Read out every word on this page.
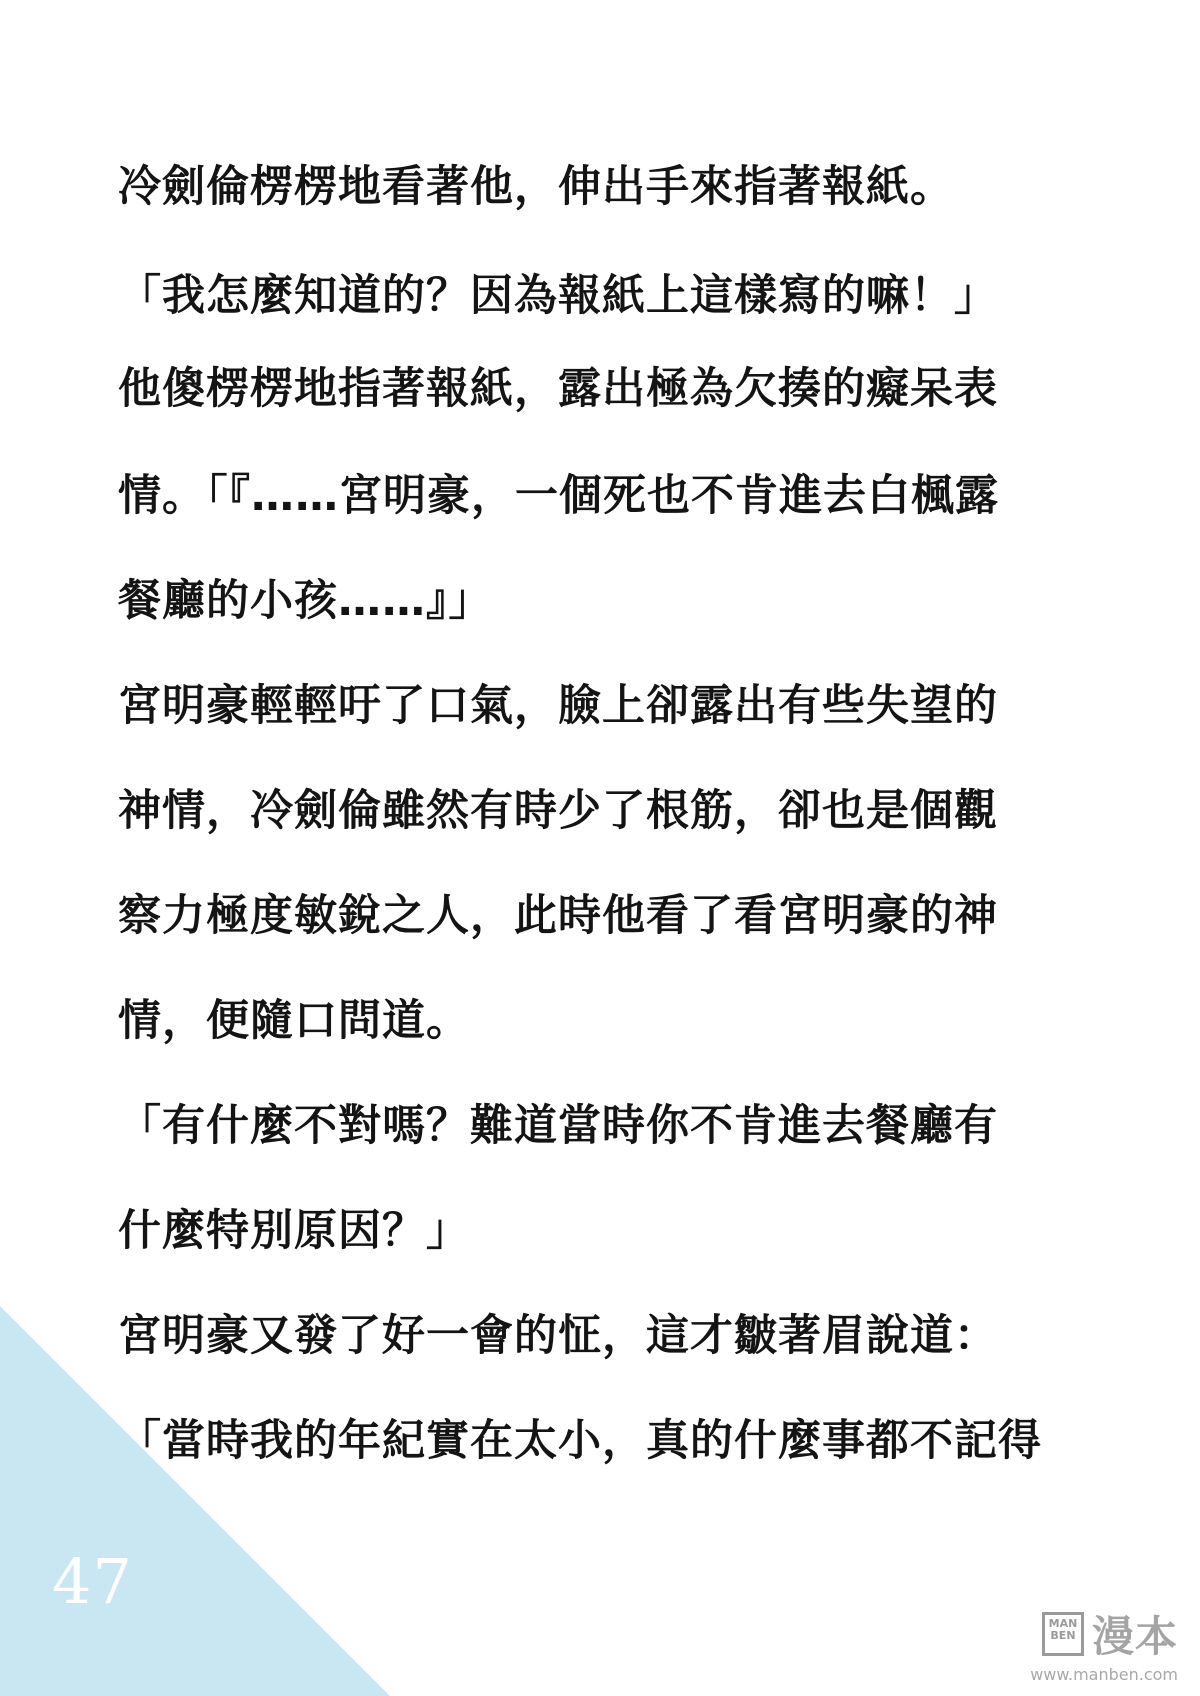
冷劍倫楞楞地看著他，伸出手來指著報紙。
「我怎麼知道的？因為報紙上這樣寫的嘛！」
他傻楞楞地指著報紙，露出極為欠揍的癡呆表
情。「『……宮明豪，一個死也不肯進去白楓露
餐廳的小孩……』」
宮明豪輕輕吁了口氣，臉上卻露出有些失望的
神情，冷劍倫雖然有時少了根筋，卻也是個觀
察力極度敏銳之人，此時他看了看宮明豪的神
情，便隨口問道。
「有什麼不對嗎？難道當時你不肯進去餐廳有
什麼特別原因？」
宮明豪又發了好一會的怔，這才皺著眉說道：
「當時我的年紀實在太小，真的什麼事都不記得
47
MAN BEN 漫本
www.manben.com
